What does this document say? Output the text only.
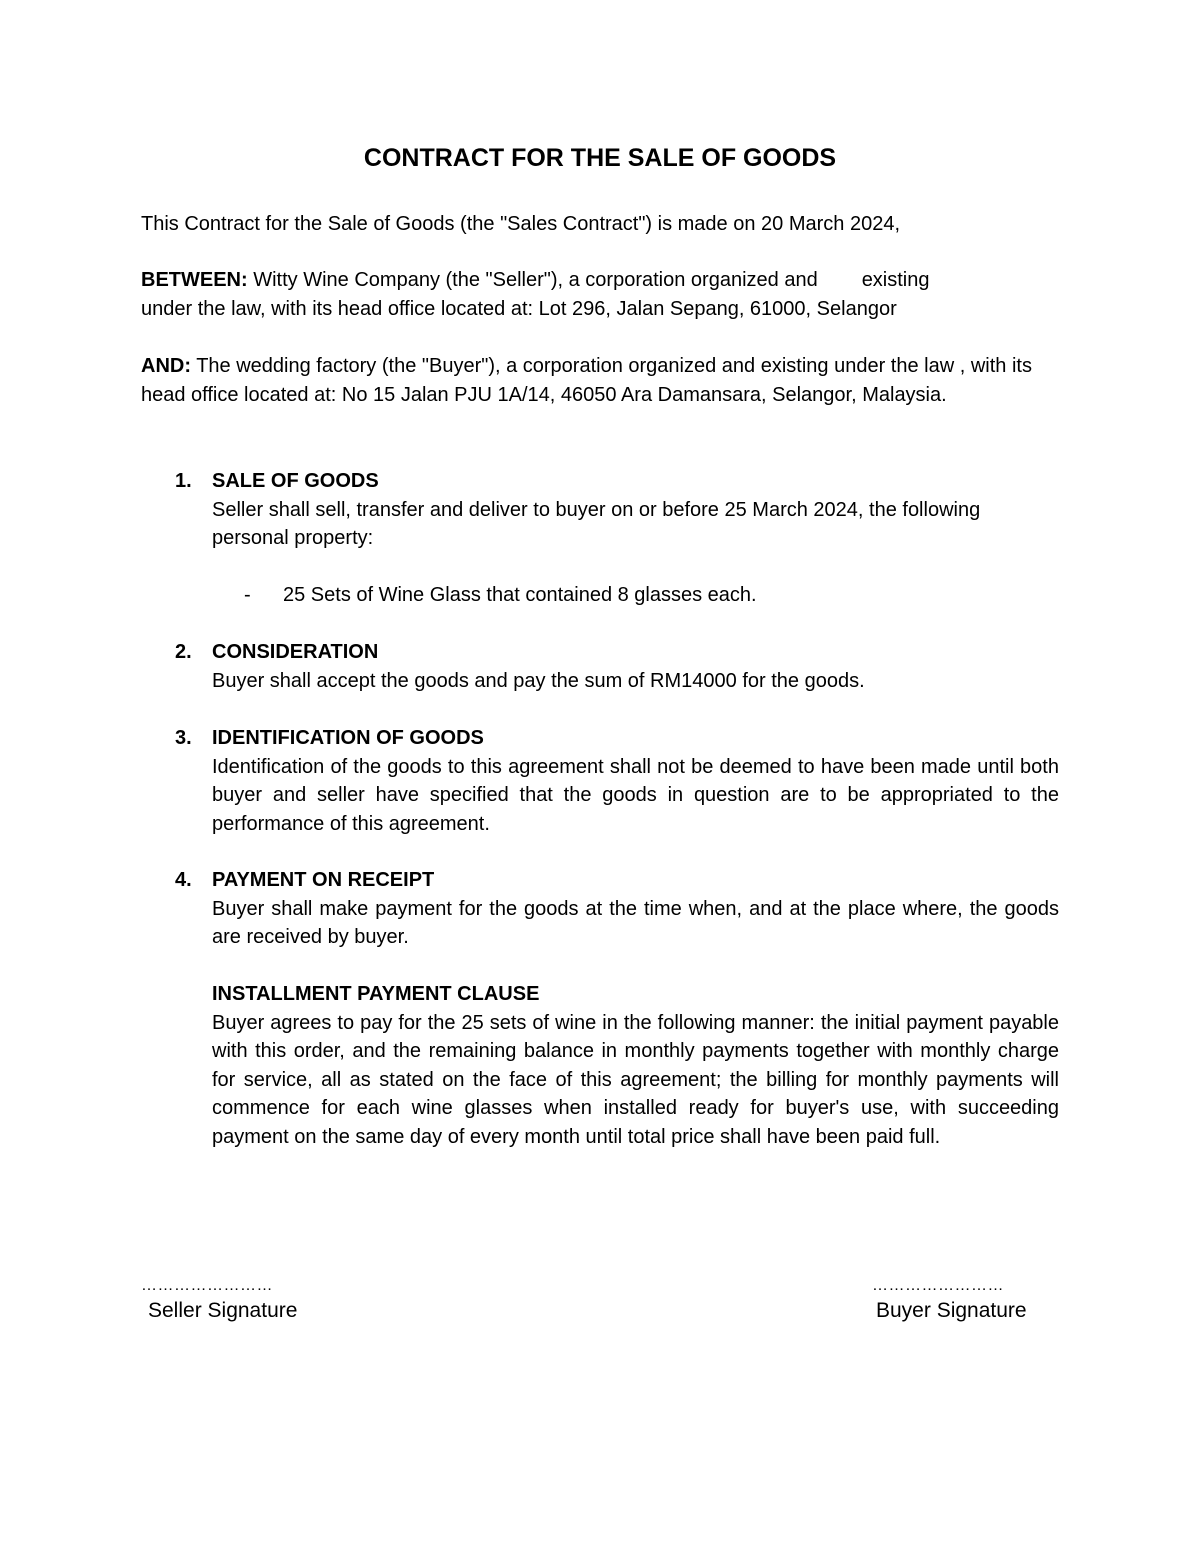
CONTRACT FOR THE SALE OF GOODS

This Contract for the Sale of Goods (the "Sales Contract") is made on 20 March 2024,

BETWEEN: Witty Wine Company (the "Seller"), a corporation organized and existing
under the law, with its head office located at: Lot 296, Jalan Sepang, 61000, Selangor

AND: The wedding factory (the "Buyer"), a corporation organized and existing under the law , with its head office located at: No 15 Jalan PJU 1A/14, 46050 Ara Damansara, Selangor, Malaysia.

1. SALE OF GOODS
Seller shall sell, transfer and deliver to buyer on or before 25 March 2024, the following personal property:
- 25 Sets of Wine Glass that contained 8 glasses each.
2. CONSIDERATION
Buyer shall accept the goods and pay the sum of RM14000 for the goods.
3. IDENTIFICATION OF GOODS
Identification of the goods to this agreement shall not be deemed to have been made until both buyer and seller have specified that the goods in question are to be appropriated to the performance of this agreement.
4. PAYMENT ON RECEIPT
Buyer shall make payment for the goods at the time when, and at the place where, the goods are received by buyer.
INSTALLMENT PAYMENT CLAUSE
Buyer agrees to pay for the 25 sets of wine in the following manner: the initial payment payable with this order, and the remaining balance in monthly payments together with monthly charge for service, all as stated on the face of this agreement; the billing for monthly payments will commence for each wine glasses when installed ready for buyer's use, with succeeding payment on the same day of every month until total price shall have been paid full.
……………………
Seller Signature
……………………
Buyer Signature
